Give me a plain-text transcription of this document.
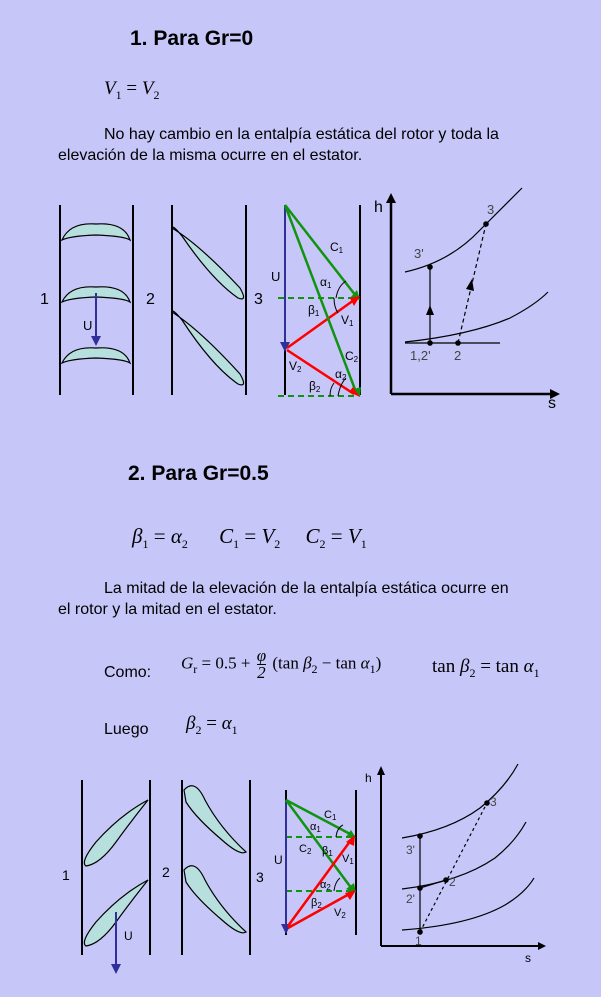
1. Para Gr=0
$V_1 = V_2$
No hay cambio en la entalpía estática del rotor y toda la
elevación de la misma ocurre en el estator.
1	2	3
U
C1
α1
β1 V1
C2
V2	α2
β2
U
h
s
3
3'
1,2' 2
2. Para Gr=0.5
$\beta_1 = \alpha_2$ $C_1 = V_2$ $C_2 = V_1$
La mitad de la elevación de la entalpía estática ocurre en
el rotor y la mitad en el estator.
Como:
$G_r = 0.5 + \frac{\varphi}{2} (\tan$ $\beta_2 - \tan \alpha_1$)	$\tan \beta_2 = \tan \alpha_1$
Luego $\beta_2 = \alpha_1$
1	2	3
U
C1
α1
C2 β1 V1
α2
β2
V2
U
h
s
3
3'
2
2'
1
